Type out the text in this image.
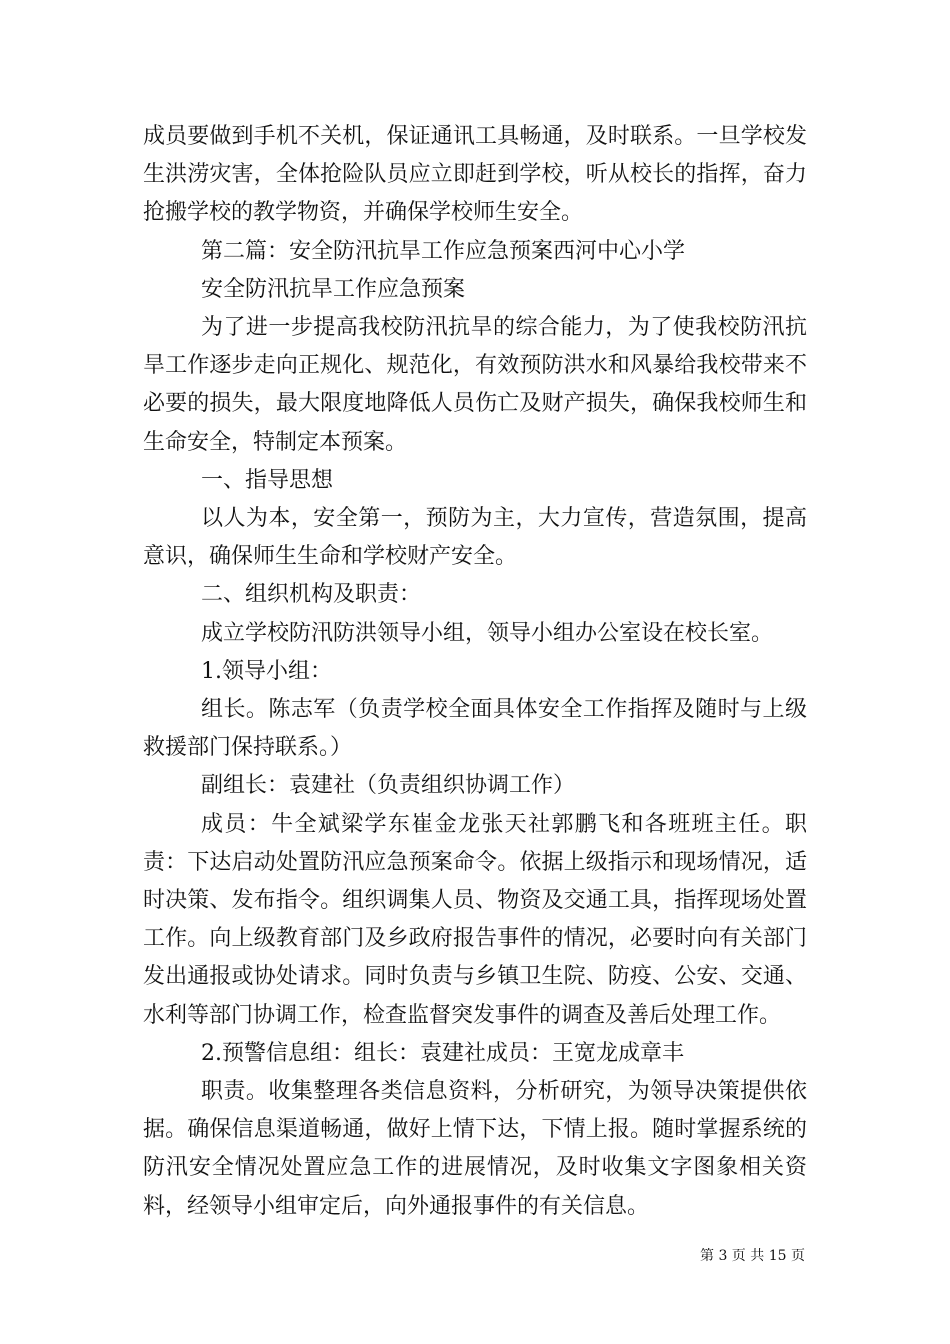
成员要做到手机不关机，保证通讯工具畅通，及时联系。一旦学校发生洪涝灾害，全体抢险队员应立即赶到学校，听从校长的指挥，奋力抢搬学校的教学物资，并确保学校师生安全。

第二篇：安全防汛抗旱工作应急预案西河中心小学

安全防汛抗旱工作应急预案

为了进一步提高我校防汛抗旱的综合能力，为了使我校防汛抗旱工作逐步走向正规化、规范化，有效预防洪水和风暴给我校带来不必要的损失，最大限度地降低人员伤亡及财产损失，确保我校师生和生命安全，特制定本预案。

一、指导思想

以人为本，安全第一，预防为主，大力宣传，营造氛围，提高意识，确保师生生命和学校财产安全。

二、组织机构及职责：

成立学校防汛防洪领导小组，领导小组办公室设在校长室。

1.领导小组：

组长。陈志军（负责学校全面具体安全工作指挥及随时与上级救援部门保持联系。）

副组长：袁建社（负责组织协调工作）

成员：牛全斌梁学东崔金龙张天社郭鹏飞和各班班主任。职责：下达启动处置防汛应急预案命令。依据上级指示和现场情况，适时决策、发布指令。组织调集人员、物资及交通工具，指挥现场处置工作。向上级教育部门及乡政府报告事件的情况，必要时向有关部门发出通报或协处请求。同时负责与乡镇卫生院、防疫、公安、交通、水利等部门协调工作，检查监督突发事件的调查及善后处理工作。

2.预警信息组：组长：袁建社成员：王宽龙成章丰

职责。收集整理各类信息资料，分析研究，为领导决策提供依据。确保信息渠道畅通，做好上情下达，下情上报。随时掌握系统的防汛安全情况处置应急工作的进展情况，及时收集文字图象相关资料，经领导小组审定后，向外通报事件的有关信息。

第 3 页 共 15 页
